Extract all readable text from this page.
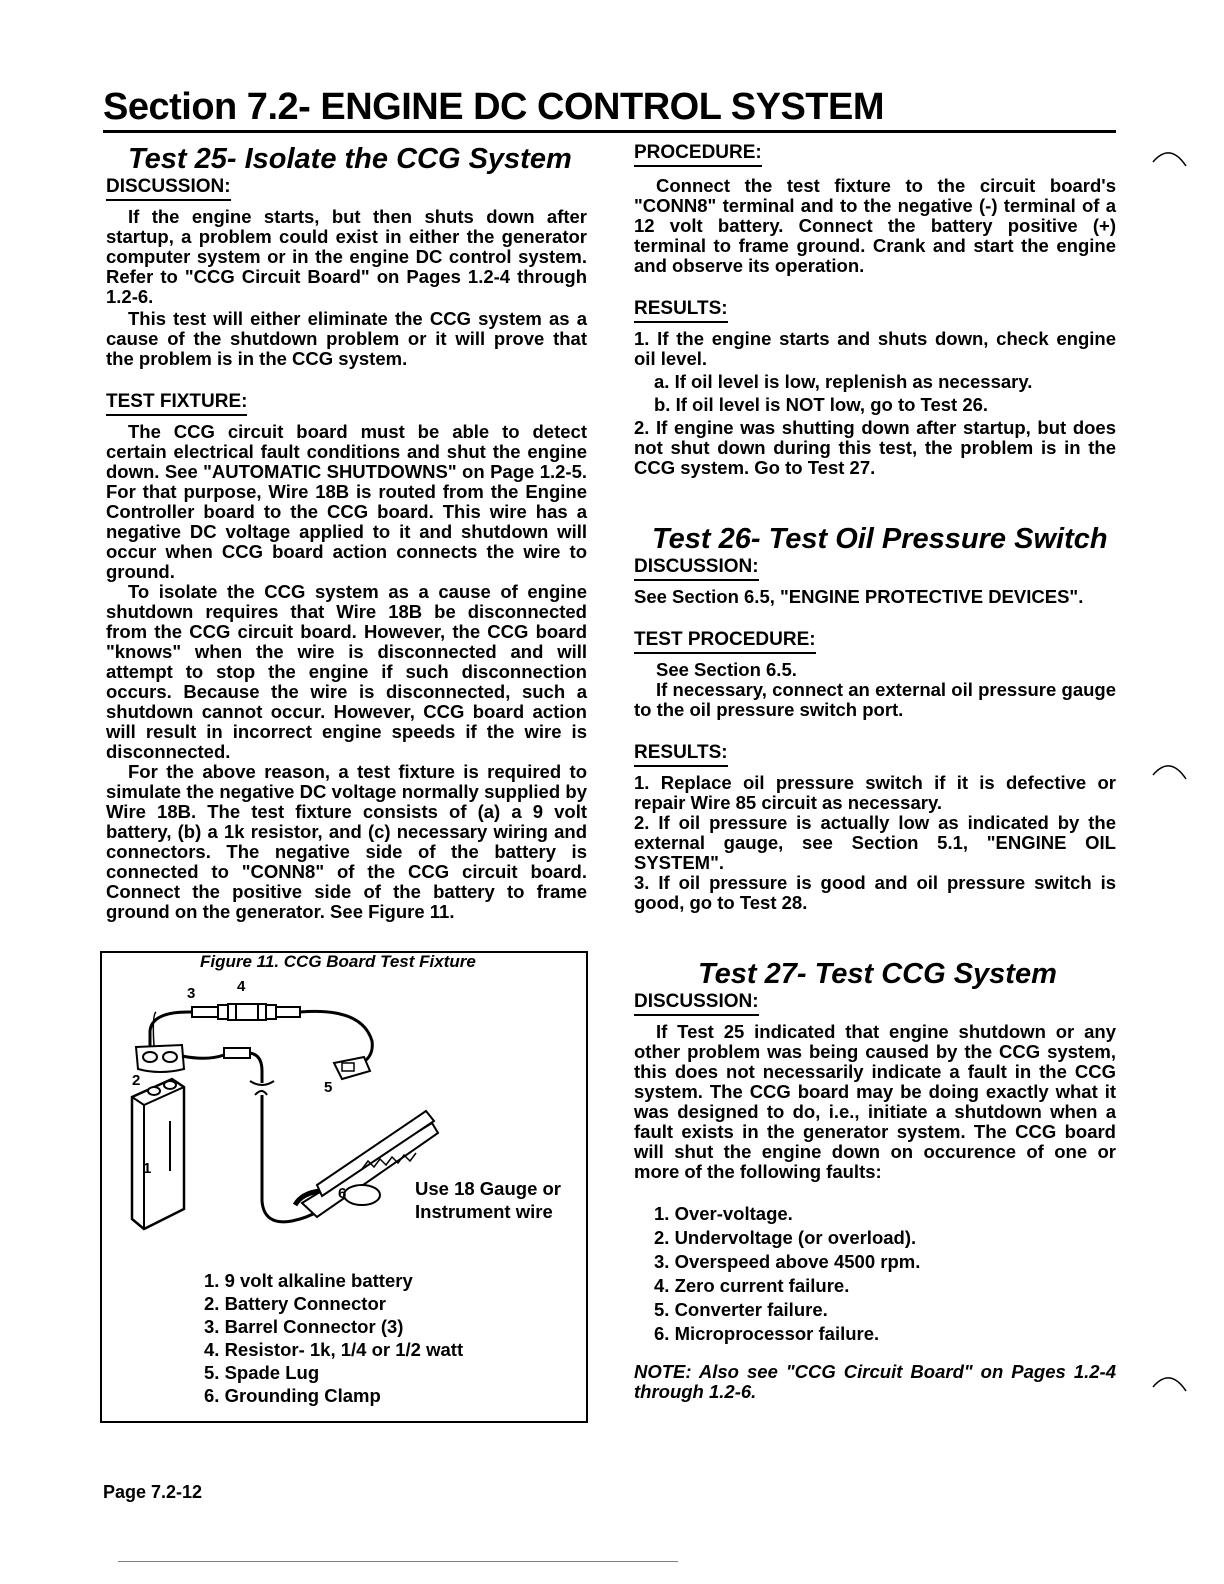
Section 7.2- ENGINE DC CONTROL SYSTEM
Test 25- Isolate the CCG System
DISCUSSION:

If the engine starts, but then shuts down after startup, a problem could exist in either the generator computer system or in the engine DC control system. Refer to "CCG Circuit Board" on Pages 1.2-4 through 1.2-6.

This test will either eliminate the CCG system as a cause of the shutdown problem or it will prove that the problem is in the CCG system.

TEST FIXTURE:

The CCG circuit board must be able to detect certain electrical fault conditions and shut the engine down. See "AUTOMATIC SHUTDOWNS" on Page 1.2-5. For that purpose, Wire 18B is routed from the Engine Controller board to the CCG board. This wire has a negative DC voltage applied to it and shutdown will occur when CCG board action connects the wire to ground.

To isolate the CCG system as a cause of engine shutdown requires that Wire 18B be disconnected from the CCG circuit board. However, the CCG board "knows" when the wire is disconnected and will attempt to stop the engine if such disconnection occurs. Because the wire is disconnected, such a shutdown cannot occur. However, CCG board action will result in incorrect engine speeds if the wire is disconnected.

For the above reason, a test fixture is required to simulate the negative DC voltage normally supplied by Wire 18B. The test fixture consists of (a) a 9 volt battery, (b) a 1k resistor, and (c) necessary wiring and connectors. The negative side of the battery is connected to "CONN8" of the CCG circuit board. Connect the positive side of the battery to frame ground on the generator. See Figure 11.

Figure 11. CCG Board Test Fixture
3	4
2	5
1
6	Use 18 Gauge or
Instrument wire
1. 9 volt alkaline battery
2. Battery Connector
3. Barrel Connector (3)
4. Resistor- 1k, 1/4 or 1/2 watt
5. Spade Lug
6. Grounding Clamp
PROCEDURE:

Connect the test fixture to the circuit board's "CONN8" terminal and to the negative (-) terminal of a 12 volt battery. Connect the battery positive (+) terminal to frame ground. Crank and start the engine and observe its operation.

RESULTS:

1. If the engine starts and shuts down, check engine oil level.

a. If oil level is low, replenish as necessary.

b. If oil level is NOT low, go to Test 26.

2. If engine was shutting down after startup, but does not shut down during this test, the problem is in the CCG system. Go to Test 27.

Test 26- Test Oil Pressure Switch
DISCUSSION:

See Section 6.5, "ENGINE PROTECTIVE DEVICES".

TEST PROCEDURE:

See Section 6.5.

If necessary, connect an external oil pressure gauge to the oil pressure switch port.

RESULTS:

1. Replace oil pressure switch if it is defective or repair Wire 85 circuit as necessary.

2. If oil pressure is actually low as indicated by the external gauge, see Section 5.1, "ENGINE OIL SYSTEM".

3. If oil pressure is good and oil pressure switch is good, go to Test 28.

Test 27- Test CCG System
DISCUSSION:

If Test 25 indicated that engine shutdown or any other problem was being caused by the CCG system, this does not necessarily indicate a fault in the CCG system. The CCG board may be doing exactly what it was designed to do, i.e., initiate a shutdown when a fault exists in the generator system. The CCG board will shut the engine down on occurence of one or more of the following faults:

1. Over-voltage.
2. Undervoltage (or overload).
3. Overspeed above 4500 rpm.
4. Zero current failure.
5. Converter failure.
6. Microprocessor failure.

NOTE: Also see "CCG Circuit Board" on Pages 1.2-4 through 1.2-6.

Page 7.2-12
